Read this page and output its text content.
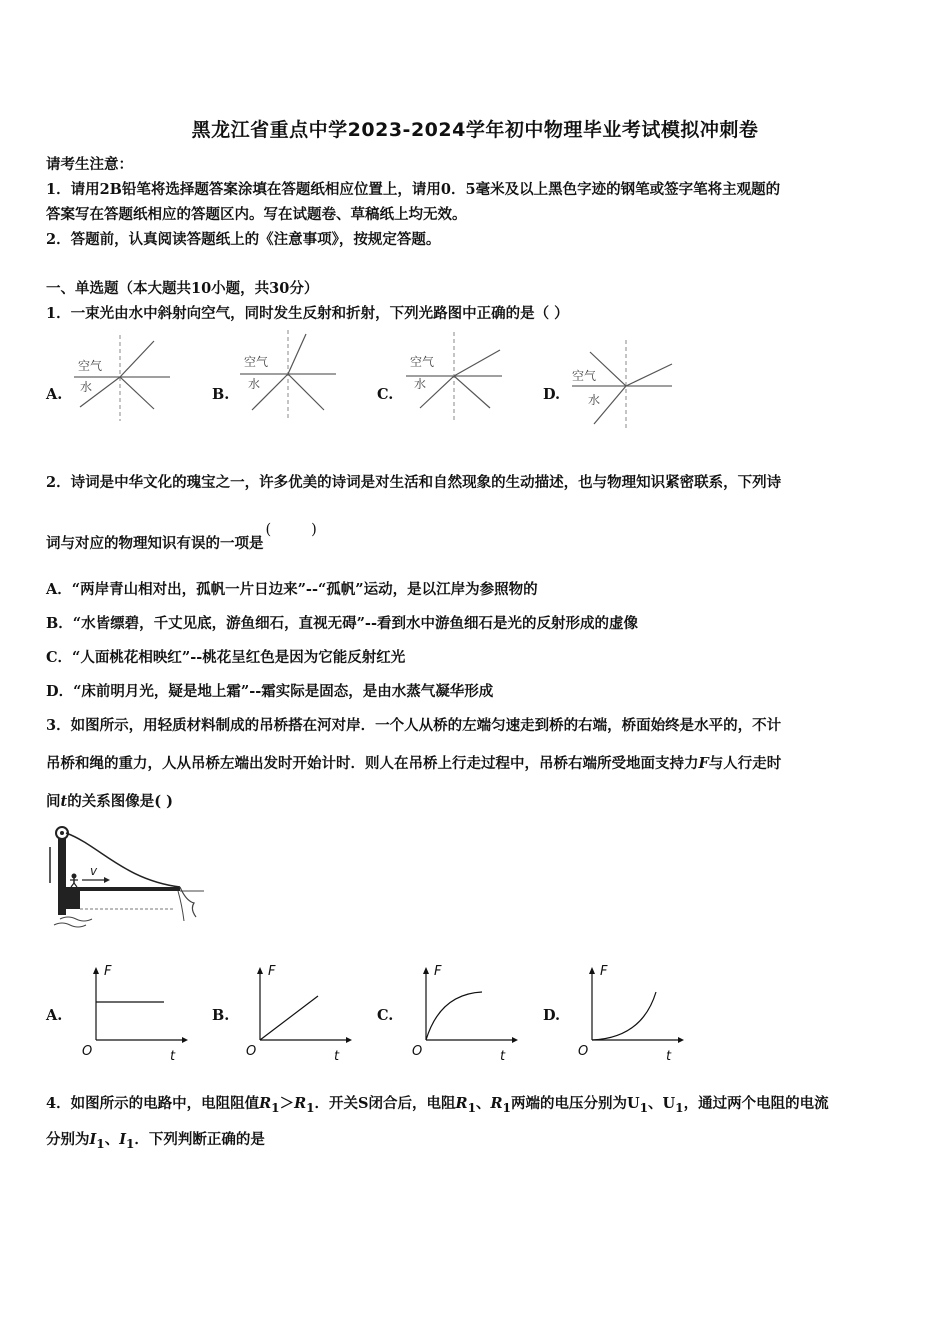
黑龙江省重点中学2023-2024学年初中物理毕业考试模拟冲刺卷
请考生注意：
1．请用2B铅笔将选择题答案涂填在答题纸相应位置上，请用0．5毫米及以上黑色字迹的钢笔或签字笔将主观题的
答案写在答题纸相应的答题区内。写在试题卷、草稿纸上均无效。
2．答题前，认真阅读答题纸上的《注意事项》，按规定答题。
一、单选题（本大题共10小题，共30分）
1．一束光由水中斜射向空气，同时发生反射和折射，下列光路图中正确的是（ ）
A.
空气
水	B.
空气
水
C.
空气
水
D.
空气
水
2．诗词是中华文化的瑰宝之一，许多优美的诗词是对生活和自然现象的生动描述，也与物理知识紧密联系，下列诗
词与对应的物理知识有误的一项是(	)
A．“两岸青山相对出，孤帆一片日边来”--“孤帆”运动，是以江岸为参照物的
B．“水皆缥碧，千丈见底，游鱼细石，直视无碍”--看到水中游鱼细石是光的反射形成的虚像
C．“人面桃花相映红”--桃花呈红色是因为它能反射红光
D．“床前明月光，疑是地上霜”--霜实际是固态，是由水蒸气凝华形成
3．如图所示，用轻质材料制成的吊桥搭在河对岸．一个人从桥的左端匀速走到桥的右端，桥面始终是水平的，不计
吊桥和绳的重力，人从吊桥左端出发时开始计时．则人在吊桥上行走过程中，吊桥右端所受地面支持力F与人行走时
间t的关系图像是( )
v
A.
F
t
O
B.
F
t
O
C.
F
t
O
D.
F
t
O
4．如图所示的电路中，电阻阻值$R_1>R_1$．开关S闭合后，电阻$R_1$、$R_1$两端的电压分别为$U_1$、$U_1$，通过两个电阻的电流
分别为$I_1$、$I_1$．下列判断正确的是
